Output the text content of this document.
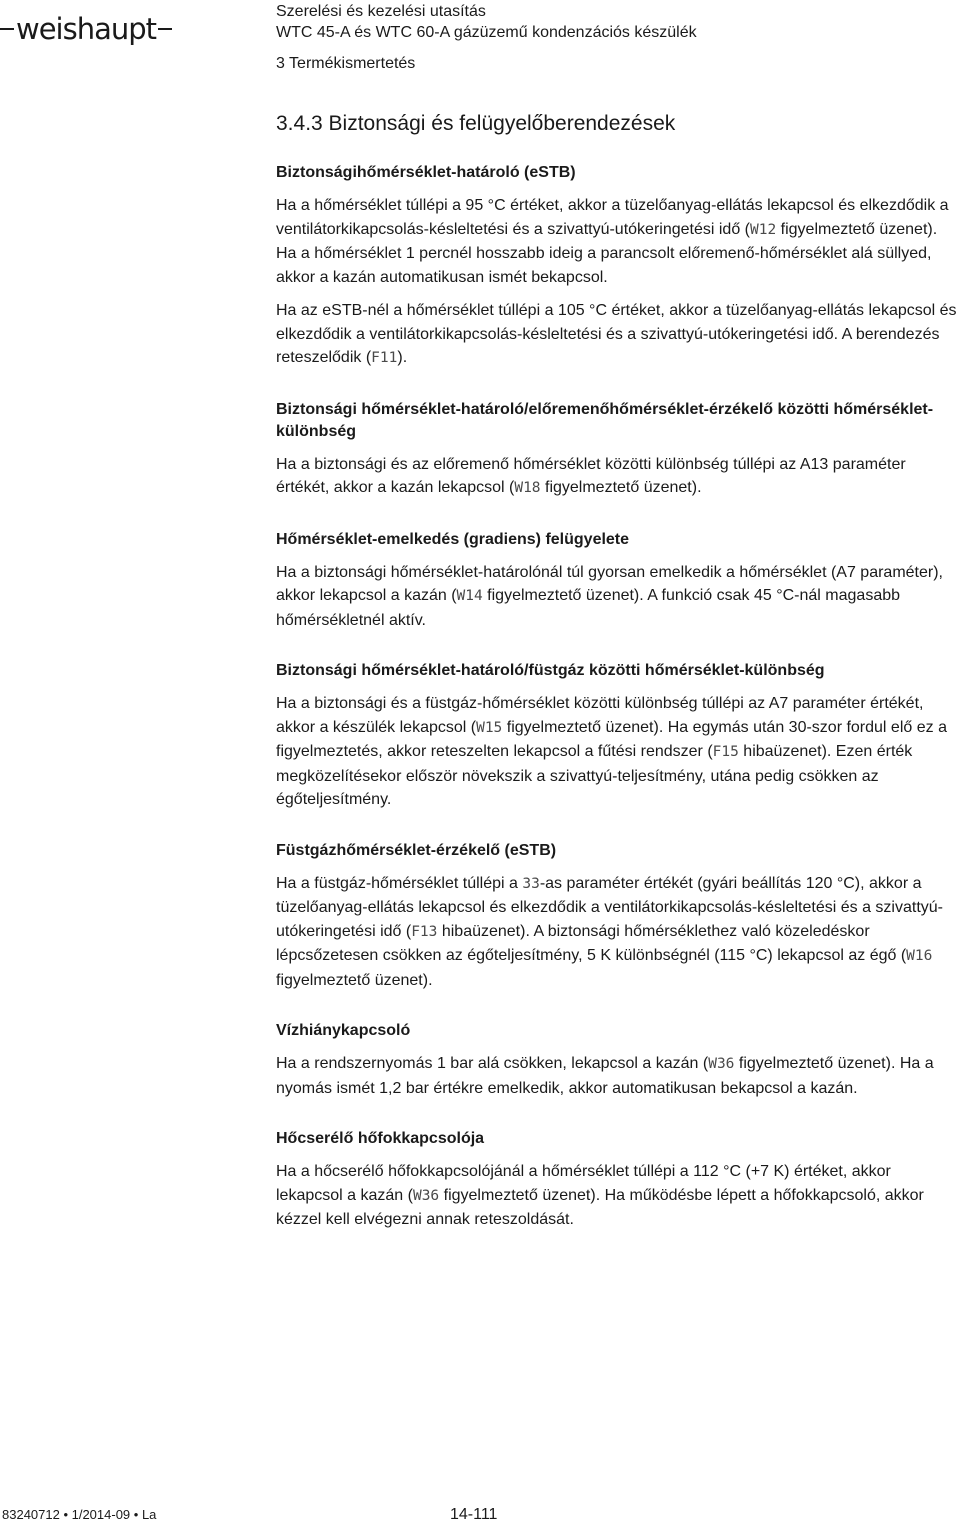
weishaupt
Szerelési és kezelési utasítás
WTC 45-A és WTC 60-A gázüzemű kondenzációs készülék
3 Termékismertetés
3.4.3 Biztonsági és felügyelőberendezések
Biztonságihőmérséklet-határoló (eSTB)

Ha a hőmérséklet túllépi a 95 °C értéket, akkor a tüzelőanyag-ellátás lekapcsol és elkezdődik a ventilátorkikapcsolás-késleltetési és a szivattyú-utókeringetési idő (W12 figyelmeztető üzenet). Ha a hőmérséklet 1 percnél hosszabb ideig a parancsolt előremenő-hőmérséklet alá süllyed, akkor a kazán automatikusan ismét bekapcsol.

Ha az eSTB-nél a hőmérséklet túllépi a 105 °C értéket, akkor a tüzelőanyag-ellátás lekapcsol és elkezdődik a ventilátorkikapcsolás-késleltetési és a szivattyú-utókeringetési idő. A berendezés reteszelődik (F11).

Biztonsági hőmérséklet-határoló/előremenőhőmérséklet-érzékelő közötti hőmérséklet-különbség

Ha a biztonsági és az előremenő hőmérséklet közötti különbség túllépi az A13 paraméter értékét, akkor a kazán lekapcsol (W18 figyelmeztető üzenet).

Hőmérséklet-emelkedés (gradiens) felügyelete

Ha a biztonsági hőmérséklet-határolónál túl gyorsan emelkedik a hőmérséklet (A7 paraméter), akkor lekapcsol a kazán (W14 figyelmeztető üzenet). A funkció csak 45 °C-nál magasabb hőmérsékletnél aktív.

Biztonsági hőmérséklet-határoló/füstgáz közötti hőmérséklet-különbség

Ha a biztonsági és a füstgáz-hőmérséklet közötti különbség túllépi az A7 paraméter értékét, akkor a készülék lekapcsol (W15 figyelmeztető üzenet). Ha egymás után 30-szor fordul elő ez a figyelmeztetés, akkor reteszelten lekapcsol a fűtési rendszer (F15 hibaüzenet). Ezen érték megközelítésekor először növekszik a szivattyú-teljesítmény, utána pedig csökken az égőteljesítmény.

Füstgázhőmérséklet-érzékelő (eSTB)

Ha a füstgáz-hőmérséklet túllépi a 33-as paraméter értékét (gyári beállítás 120 °C), akkor a tüzelőanyag-ellátás lekapcsol és elkezdődik a ventilátorkikapcsolás-késleltetési és a szivattyú-utókeringetési idő (F13 hibaüzenet). A biztonsági hőmérséklethez való közeledéskor lépcsőzetesen csökken az égőteljesítmény, 5 K különbségnél (115 °C) lekapcsol az égő (W16 figyelmeztető üzenet).

Vízhiánykapcsoló

Ha a rendszernyomás 1 bar alá csökken, lekapcsol a kazán (W36 figyelmeztető üzenet). Ha a nyomás ismét 1,2 bar értékre emelkedik, akkor automatikusan bekapcsol a kazán.

Hőcserélő hőfokkapcsolója

Ha a hőcserélő hőfokkapcsolójánál a hőmérséklet túllépi a 112 °C (+7 K) értéket, akkor lekapcsol a kazán (W36 figyelmeztető üzenet). Ha működésbe lépett a hőfokkapcsoló, akkor kézzel kell elvégezni annak reteszoldását.

83240712 • 1/2014-09 • La	14-111
